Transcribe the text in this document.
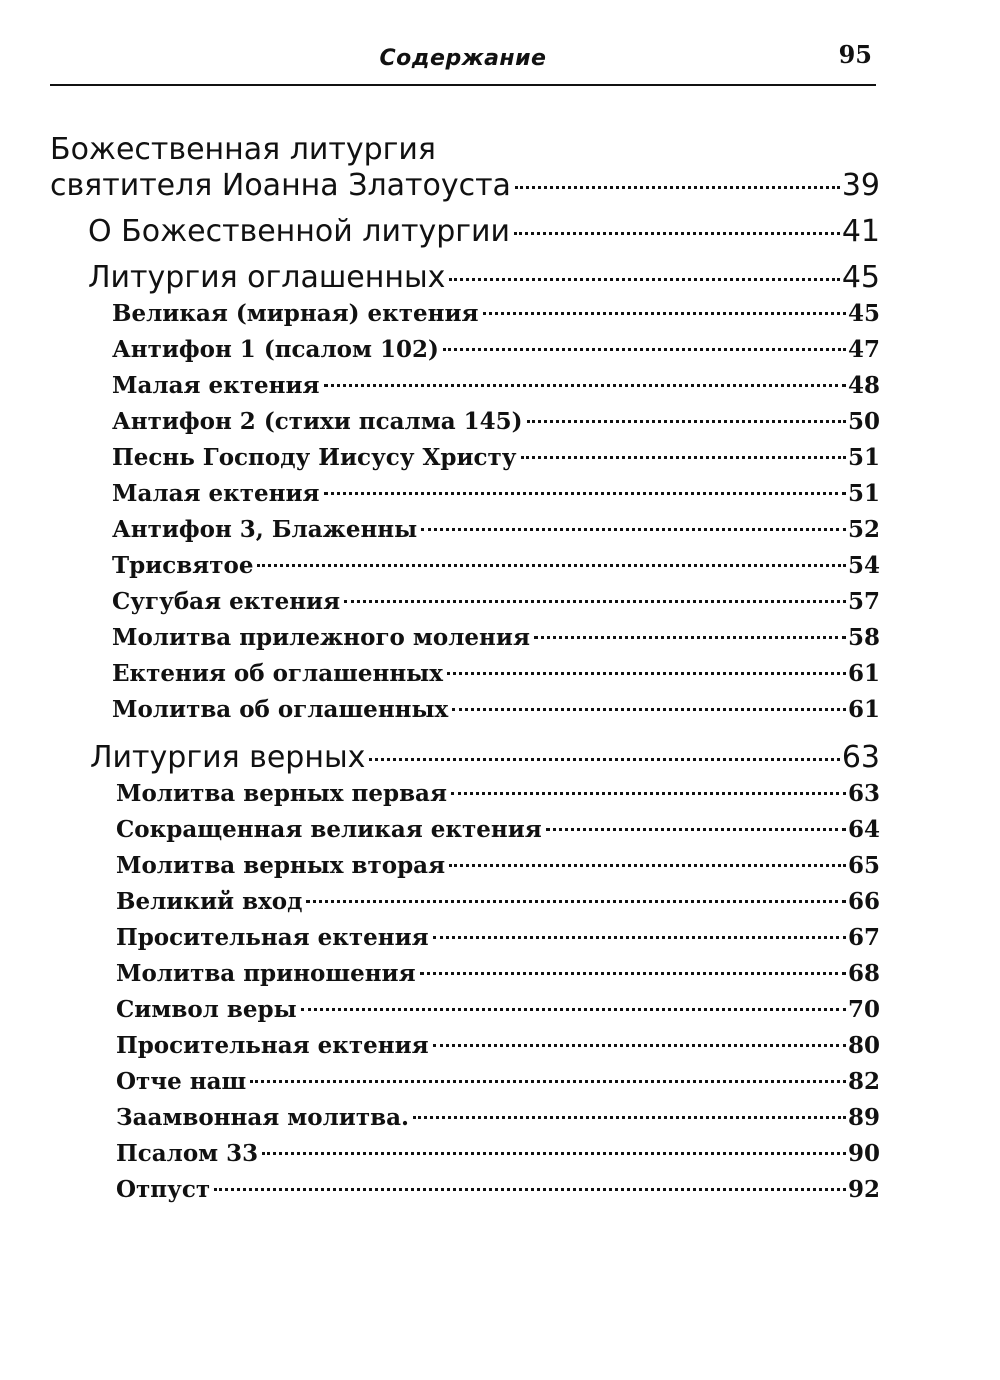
Содержание	95
Божественная литургия
святителя Иоанна Златоуста	39
О Божественной литургии	41
Литургия оглашенных	45
Великая (мирная) ектения	45
Антифон 1 (псалом 102)	47
Малая ектения	48
Антифон 2 (стихи псалма 145)	50
Песнь Господу Иисусу Христу	51
Малая ектения	51
Антифон 3, Блаженны	52
Трисвятое	54
Сугубая ектения	57
Молитва прилежного моления	58
Ектения об оглашенных	61
Молитва об оглашенных	61
Литургия верных	63
Молитва верных первая	63
Сокращенная великая ектения	64
Молитва верных вторая	65
Великий вход	66
Просительная ектения	67
Молитва приношения	68
Символ веры	70
Просительная ектения	80
Отче наш	82
Заамвонная молитва.	89
Псалом 33	90
Отпуст	92
